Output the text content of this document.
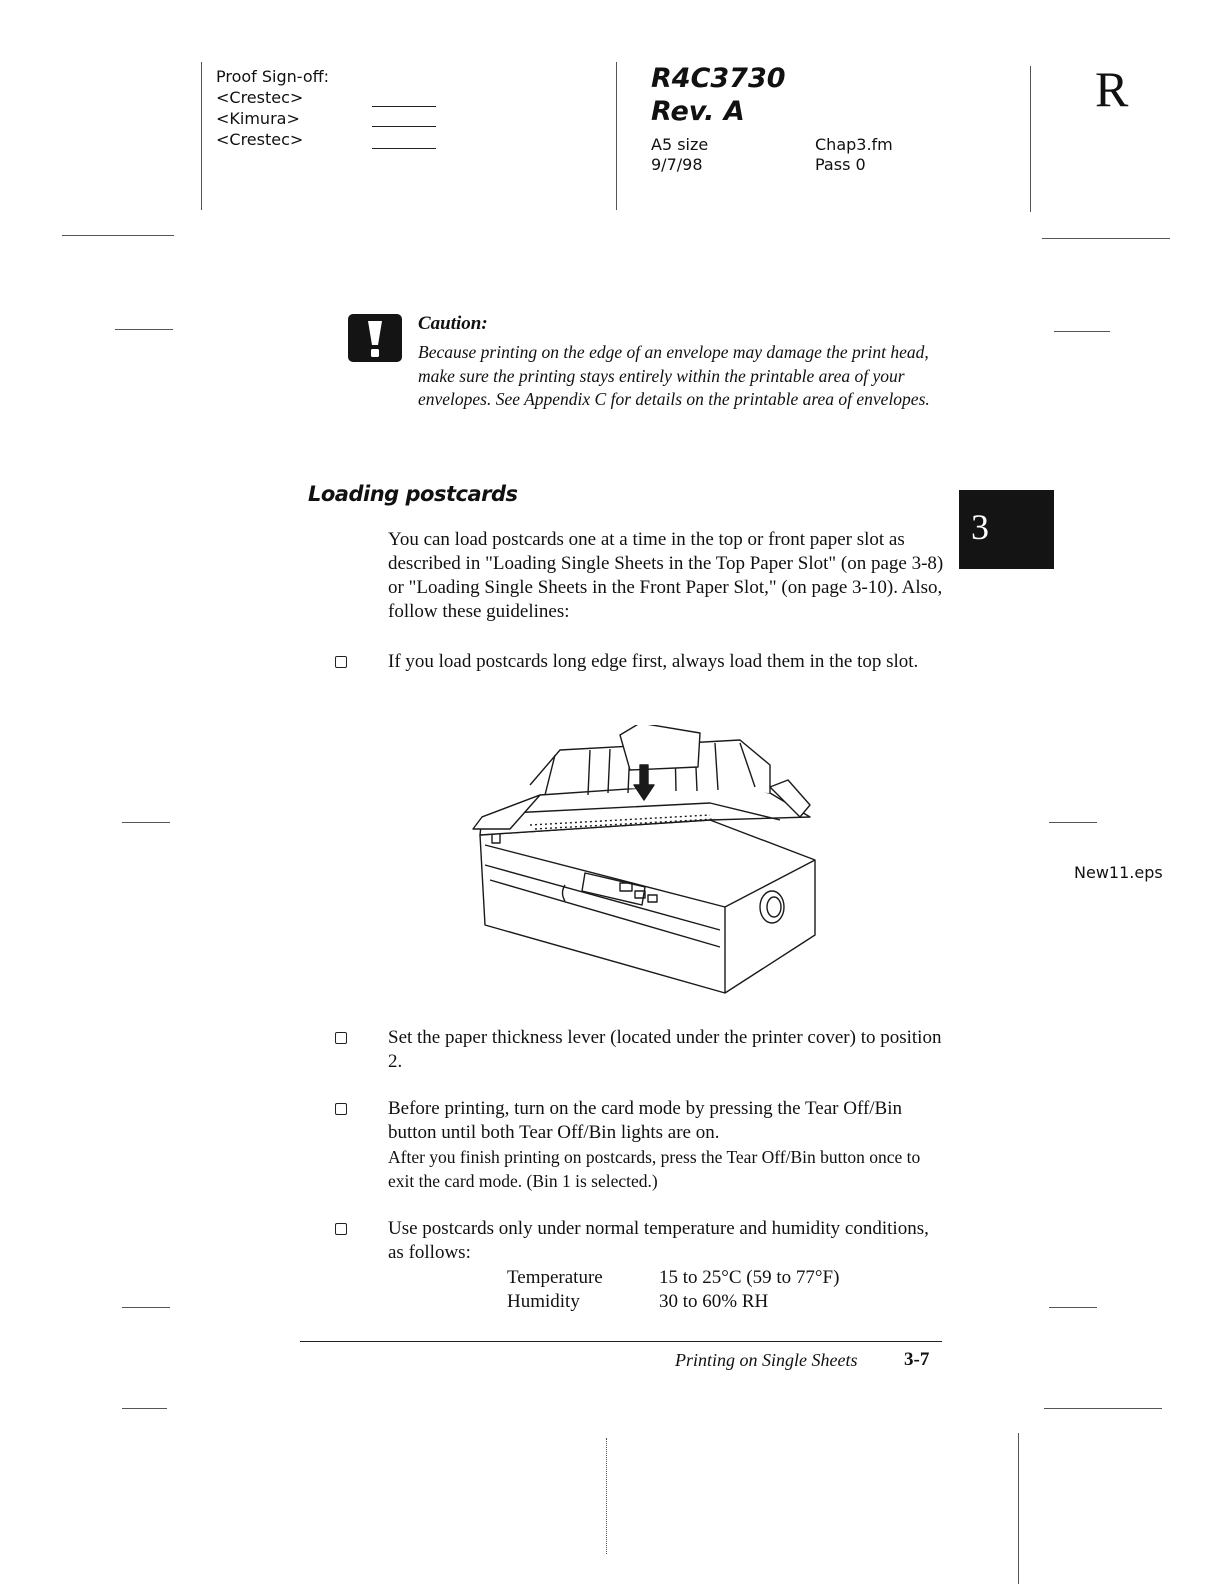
Proof Sign-off:
<Crestec>
<Kimura>
<Crestec>
R4C3730
Rev. A
A5 size
9/7/98
Chap3.fm
Pass 0
R
Caution:
Because printing on the edge of an envelope may damage the print head, make sure the printing stays entirely within the printable area of your envelopes. See Appendix C for details on the printable area of envelopes.
Loading postcards
You can load postcards one at a time in the top or front paper slot as described in "Loading Single Sheets in the Top Paper Slot" (on page 3-8) or "Loading Single Sheets in the Front Paper Slot," (on page 3-10). Also, follow these guidelines:
If you load postcards long edge first, always load them in the top slot.
New11.eps
Set the paper thickness lever (located under the printer cover) to position 2.
Before printing, turn on the card mode by pressing the Tear Off/Bin button until both Tear Off/Bin lights are on.
After you finish printing on postcards, press the Tear Off/Bin button once to exit the card mode. (Bin 1 is selected.)
Use postcards only under normal temperature and humidity conditions, as follows:
Temperature	15 to 25°C (59 to 77°F)
Humidity	30 to 60% RH
3
Printing on Single Sheets 3-7
